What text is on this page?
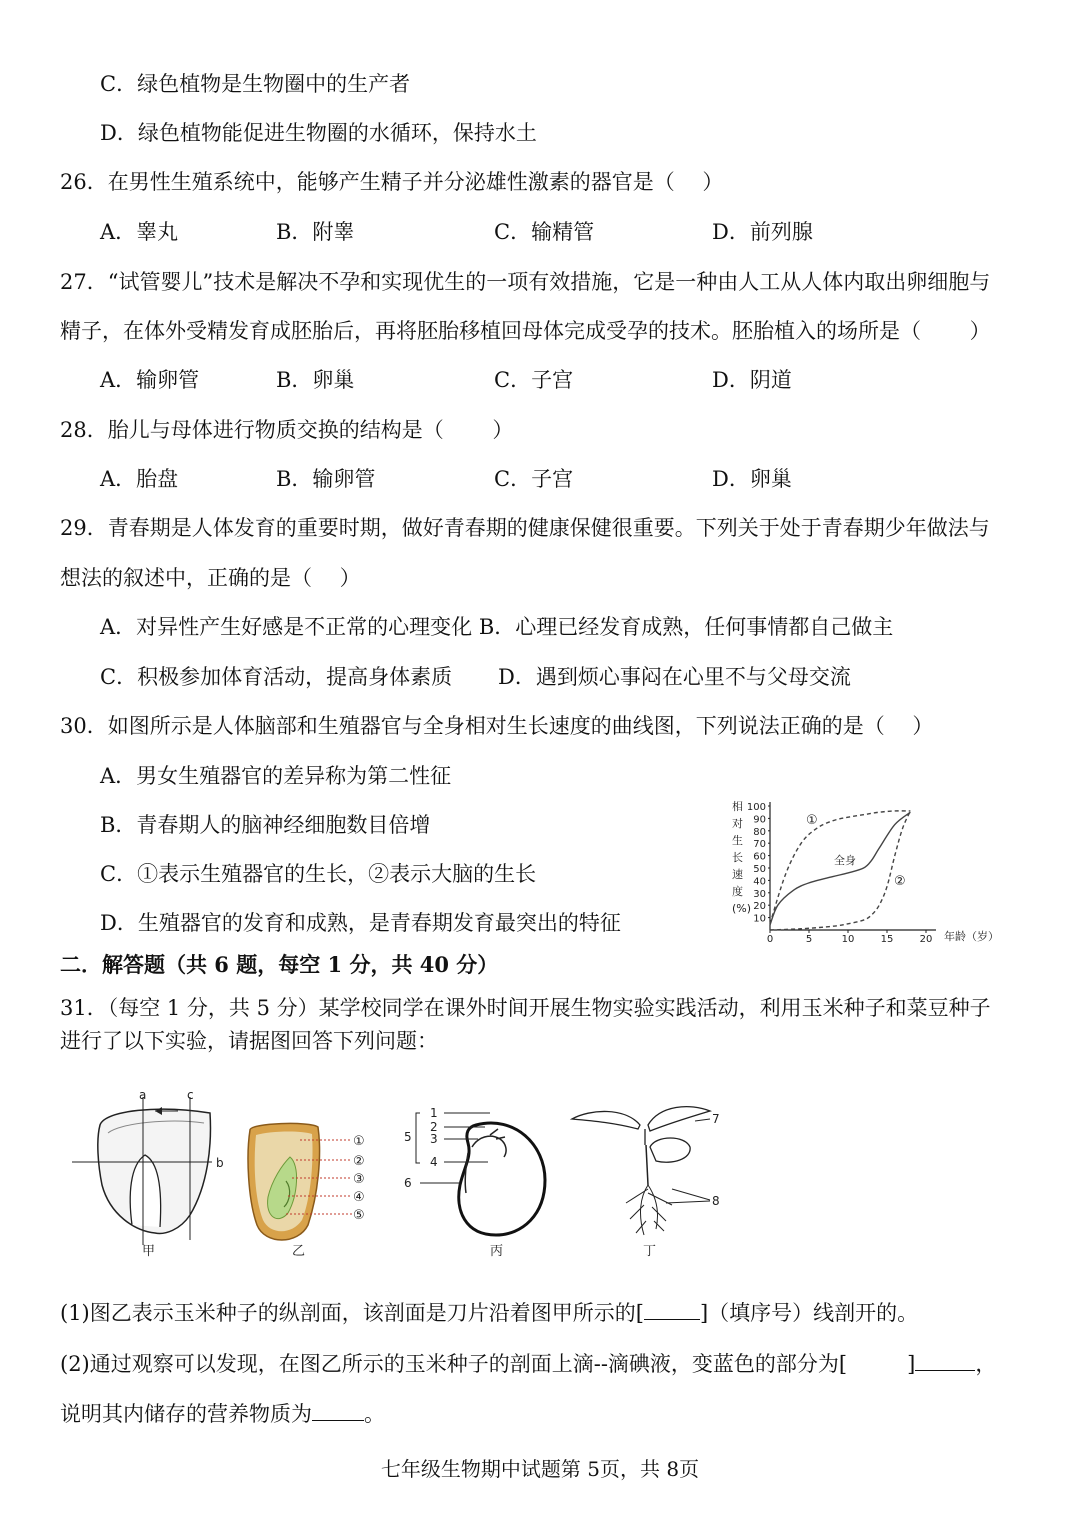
C．绿色植物是生物圈中的生产者
D．绿色植物能促进生物圈的水循环，保持水土
26．在男性生殖系统中，能够产生精子并分泌雄性激素的器官是（　 ）
A．睾丸	B．附睾	C．输精管	D．前列腺
27．“试管婴儿”技术是解决不孕和实现优生的一项有效措施，它是一种由人工从人体内取出卵细胞与
精子，在体外受精发育成胚胎后，再将胚胎移植回母体完成受孕的技术。胚胎植入的场所是（　　 ）
A．输卵管	B．卵巢	C．子宫	D．阴道
28．胎儿与母体进行物质交换的结构是（　　 ）
A．胎盘	B．输卵管	C．子宫	D．卵巢
29．青春期是人体发育的重要时期，做好青春期的健康保健很重要。下列关于处于青春期少年做法与
想法的叙述中，正确的是（　 ）
A．对异性产生好感是不正常的心理变化 B．心理已经发育成熟，任何事情都自己做主
C．积极参加体育活动，提高身体素质 D．遇到烦心事闷在心里不与父母交流
30．如图所示是人体脑部和生殖器官与全身相对生长速度的曲线图，下列说法正确的是（　 ）
A．男女生殖器官的差异称为第二性征
B．青春期人的脑神经细胞数目倍增
C．①表示生殖器官的生长，②表示大脑的生长
D．生殖器官的发育和成熟，是青春期发育最突出的特征
相
对
生
长
速
度
(%)
100
90
80
70
60
50
40
30
20
10
0	5	10	15	20 年龄（岁）
①
全身
②
二．解答题（共 6 题，每空 1 分，共 40 分）
31．（每空 1 分，共 5 分）某学校同学在课外时间开展生物实验实践活动，利用玉米种子和菜豆种子
进行了以下实验，请据图回答下列问题：
a	c
b
甲
①
②
③
④
⑤
乙
1
2
3
5
4
6
丙
7
8
丁
(1)图乙表示玉米种子的纵剖面，该剖面是刀片沿着图甲所示的[	]（填序号）线剖开的。
(2)通过观察可以发现，在图乙所示的玉米种子的剖面上滴--滴碘液，变蓝色的部分为[	]	，
说明其内储存的营养物质为 。
七年级生物期中试题第 5页，共 8页
